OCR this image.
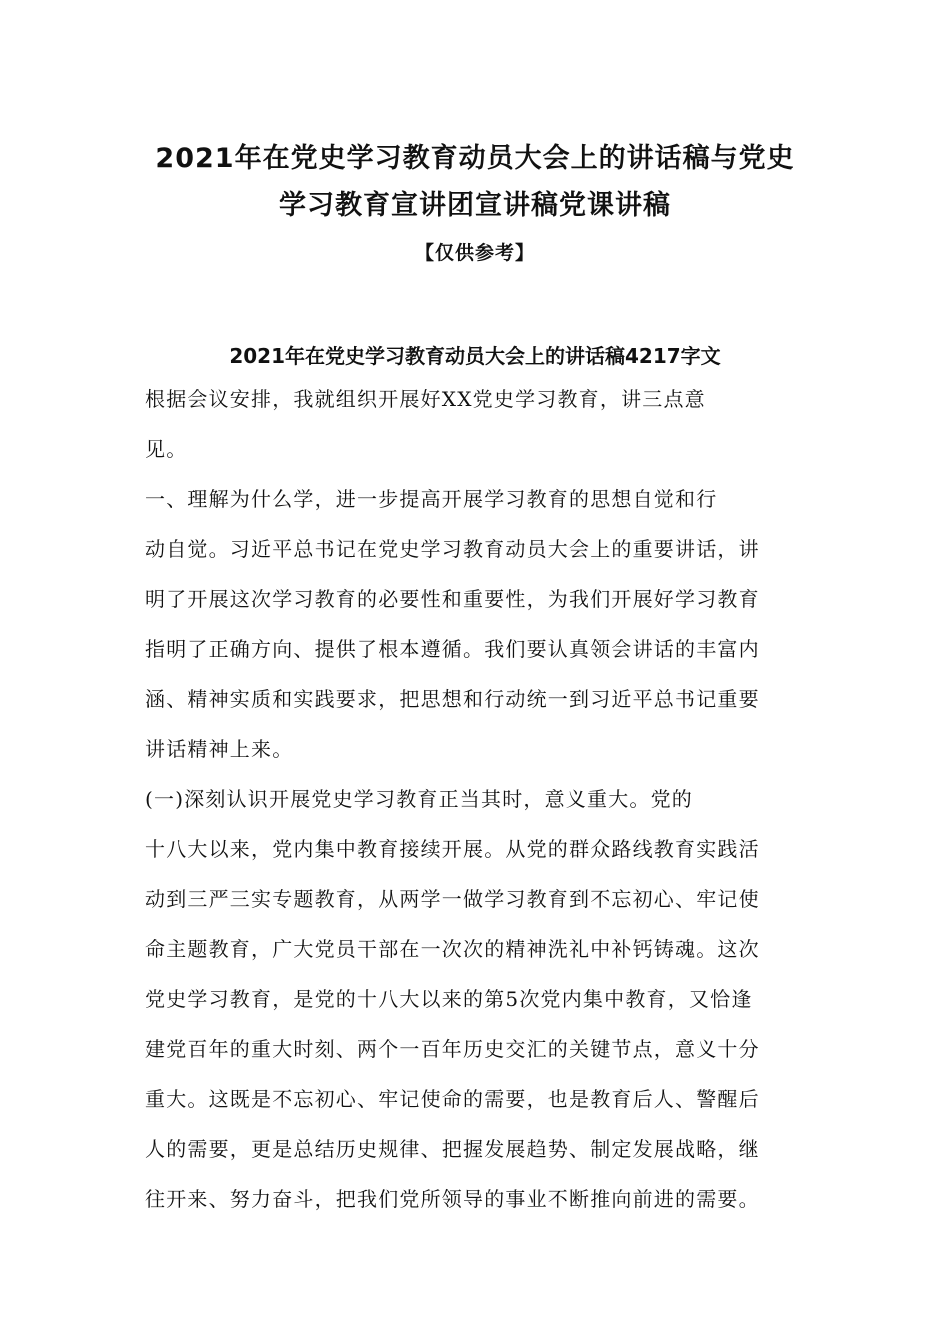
2021年在党史学习教育动员大会上的讲话稿与党史
学习教育宣讲团宣讲稿党课讲稿
【仅供参考】
2021年在党史学习教育动员大会上的讲话稿4217字文
根据会议安排，我就组织开展好XX党史学习教育，讲三点意
见。
一、理解为什么学，进一步提高开展学习教育的思想自觉和行
动自觉。习近平总书记在党史学习教育动员大会上的重要讲话，讲
明了开展这次学习教育的必要性和重要性，为我们开展好学习教育
指明了正确方向、提供了根本遵循。我们要认真领会讲话的丰富内
涵、精神实质和实践要求，把思想和行动统一到习近平总书记重要
讲话精神上来。
(一)深刻认识开展党史学习教育正当其时，意义重大。党的
十八大以来，党内集中教育接续开展。从党的群众路线教育实践活
动到三严三实专题教育，从两学一做学习教育到不忘初心、牢记使
命主题教育，广大党员干部在一次次的精神洗礼中补钙铸魂。这次
党史学习教育，是党的十八大以来的第5次党内集中教育，又恰逢
建党百年的重大时刻、两个一百年历史交汇的关键节点，意义十分
重大。这既是不忘初心、牢记使命的需要，也是教育后人、警醒后
人的需要，更是总结历史规律、把握发展趋势、制定发展战略，继
往开来、努力奋斗，把我们党所领导的事业不断推向前进的需要。
